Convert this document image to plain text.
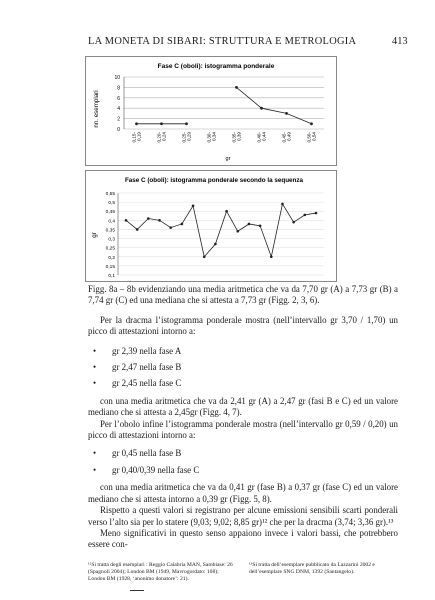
LA MONETA DI SIBARI: STRUTTURA E METROLOGIA	413
Fase C (oboli): istogramma ponderale
nn. esemplari
gr
0
2
4
6
8
10
0,15-0,19	0,20-0,24	0,25-0,29	0,30-0,34	0,35-0,39	0,40-0,44	0,45-0,49	0,50-0,54
Fase C (oboli): istogramma ponderale secondo la sequenza
gr
0,55
0,5
0,45
0,4
0,35
0,3
0,25
0,2
0,15
0,1

Figg. 8a – 8b evidenziando una media aritmetica che va da 7,70 gr (A) a 7,73 gr (B) a 7,74 gr (C) ed una mediana che si attesta a 7,73 gr (Figg. 2, 3, 6).

Per la dracma l’istogramma ponderale mostra (nell’intervallo gr 3,70 / 1,70) un picco di attestazioni intorno a:

• gr 2,39 nella fase A
• gr 2,47 nella fase B
• gr 2,45 nella fase C

con una media aritmetica che va da 2,41 gr (A) a 2,47 gr (fasi B e C) ed un valore mediano che si attesta a 2,45gr (Figg. 4, 7).

Per l’obolo infine l’istogramma ponderale mostra (nell’intervallo gr 0,59 / 0,20) un picco di attestazioni intorno a:

• gr 0,45 nella fase B
• gr 0,40/0,39 nella fase C

con una media aritmetica che va da 0,41 gr (fase B) a 0,37 gr (fase C) ed un valore mediano che si attesta intorno a 0,39 gr (Figg. 5, 8).

Rispetto a questi valori si registrano per alcune emissioni sensibili scarti ponderali verso l’alto sia per lo statere (9,03; 9,02; 8,85 gr)¹² che per la dracma (3,74; 3,36 gr).¹³

Meno significativi in questo senso appaiono invece i valori bassi, che potrebbero essere con-

¹²Si tratta degli esemplari : Reggio Calabria MAN, Sambiase: 26 (Spagnoli 2004); London BM (1949, Mavrogordato: 108); London BM (1928, ‘anonimo donatore’: 21).
¹³Si tratta dell’esemplare pubblicato da Lazzarini 2002 e dell’esemplare SNG DNM, 1392 (Santangelo).
